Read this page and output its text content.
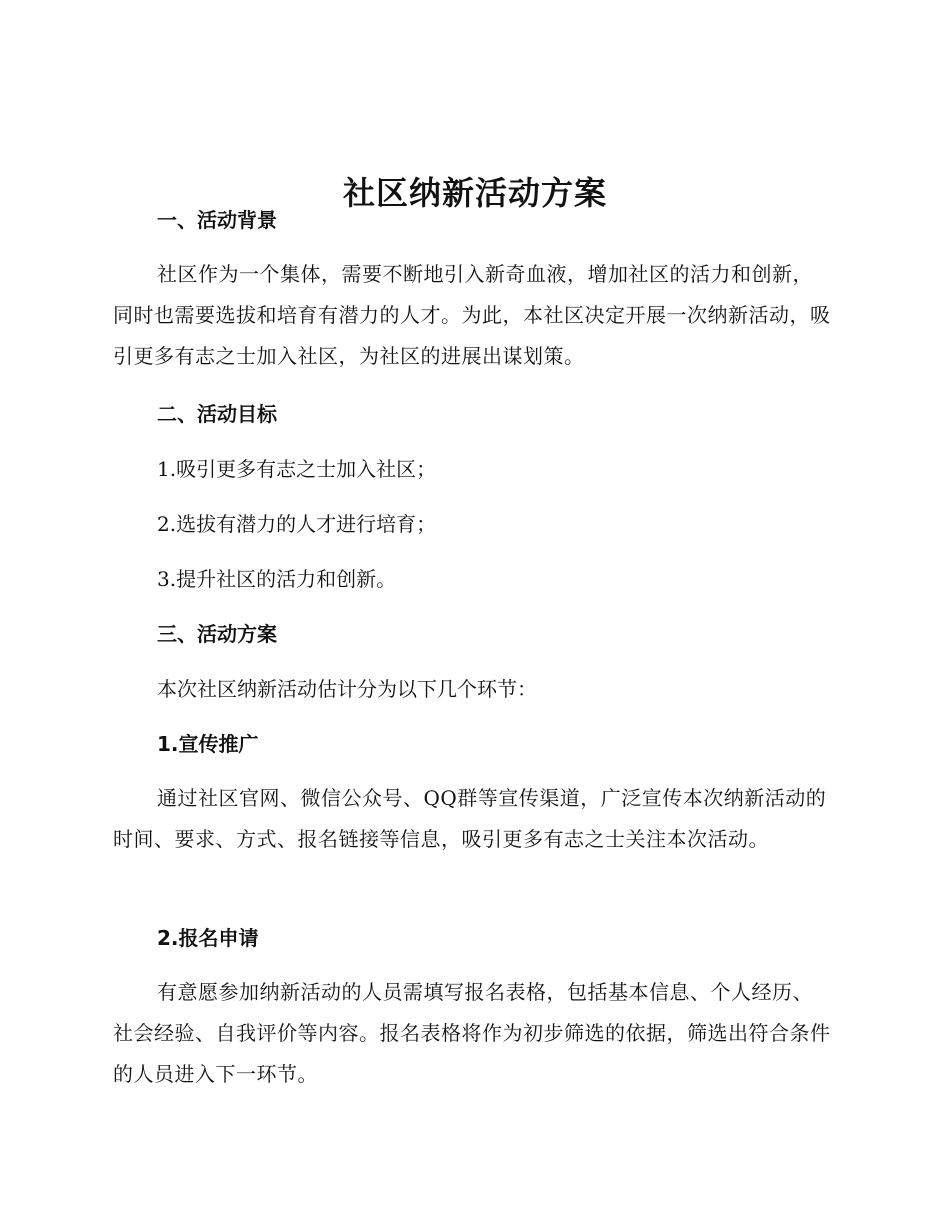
社区纳新活动方案
一、活动背景

社区作为一个集体，需要不断地引入新奇血液，增加社区的活力和创新，同时也需要选拔和培育有潜力的人才。为此，本社区决定开展一次纳新活动，吸引更多有志之士加入社区，为社区的进展出谋划策。

二、活动目标

1.吸引更多有志之士加入社区；

2.选拔有潜力的人才进行培育；

3.提升社区的活力和创新。

三、活动方案

本次社区纳新活动估计分为以下几个环节：

1.宣传推广

通过社区官网、微信公众号、QQ群等宣传渠道，广泛宣传本次纳新活动的时间、要求、方式、报名链接等信息，吸引更多有志之士关注本次活动。

2.报名申请

有意愿参加纳新活动的人员需填写报名表格，包括基本信息、个人经历、社会经验、自我评价等内容。报名表格将作为初步筛选的依据，筛选出符合条件的人员进入下一环节。
